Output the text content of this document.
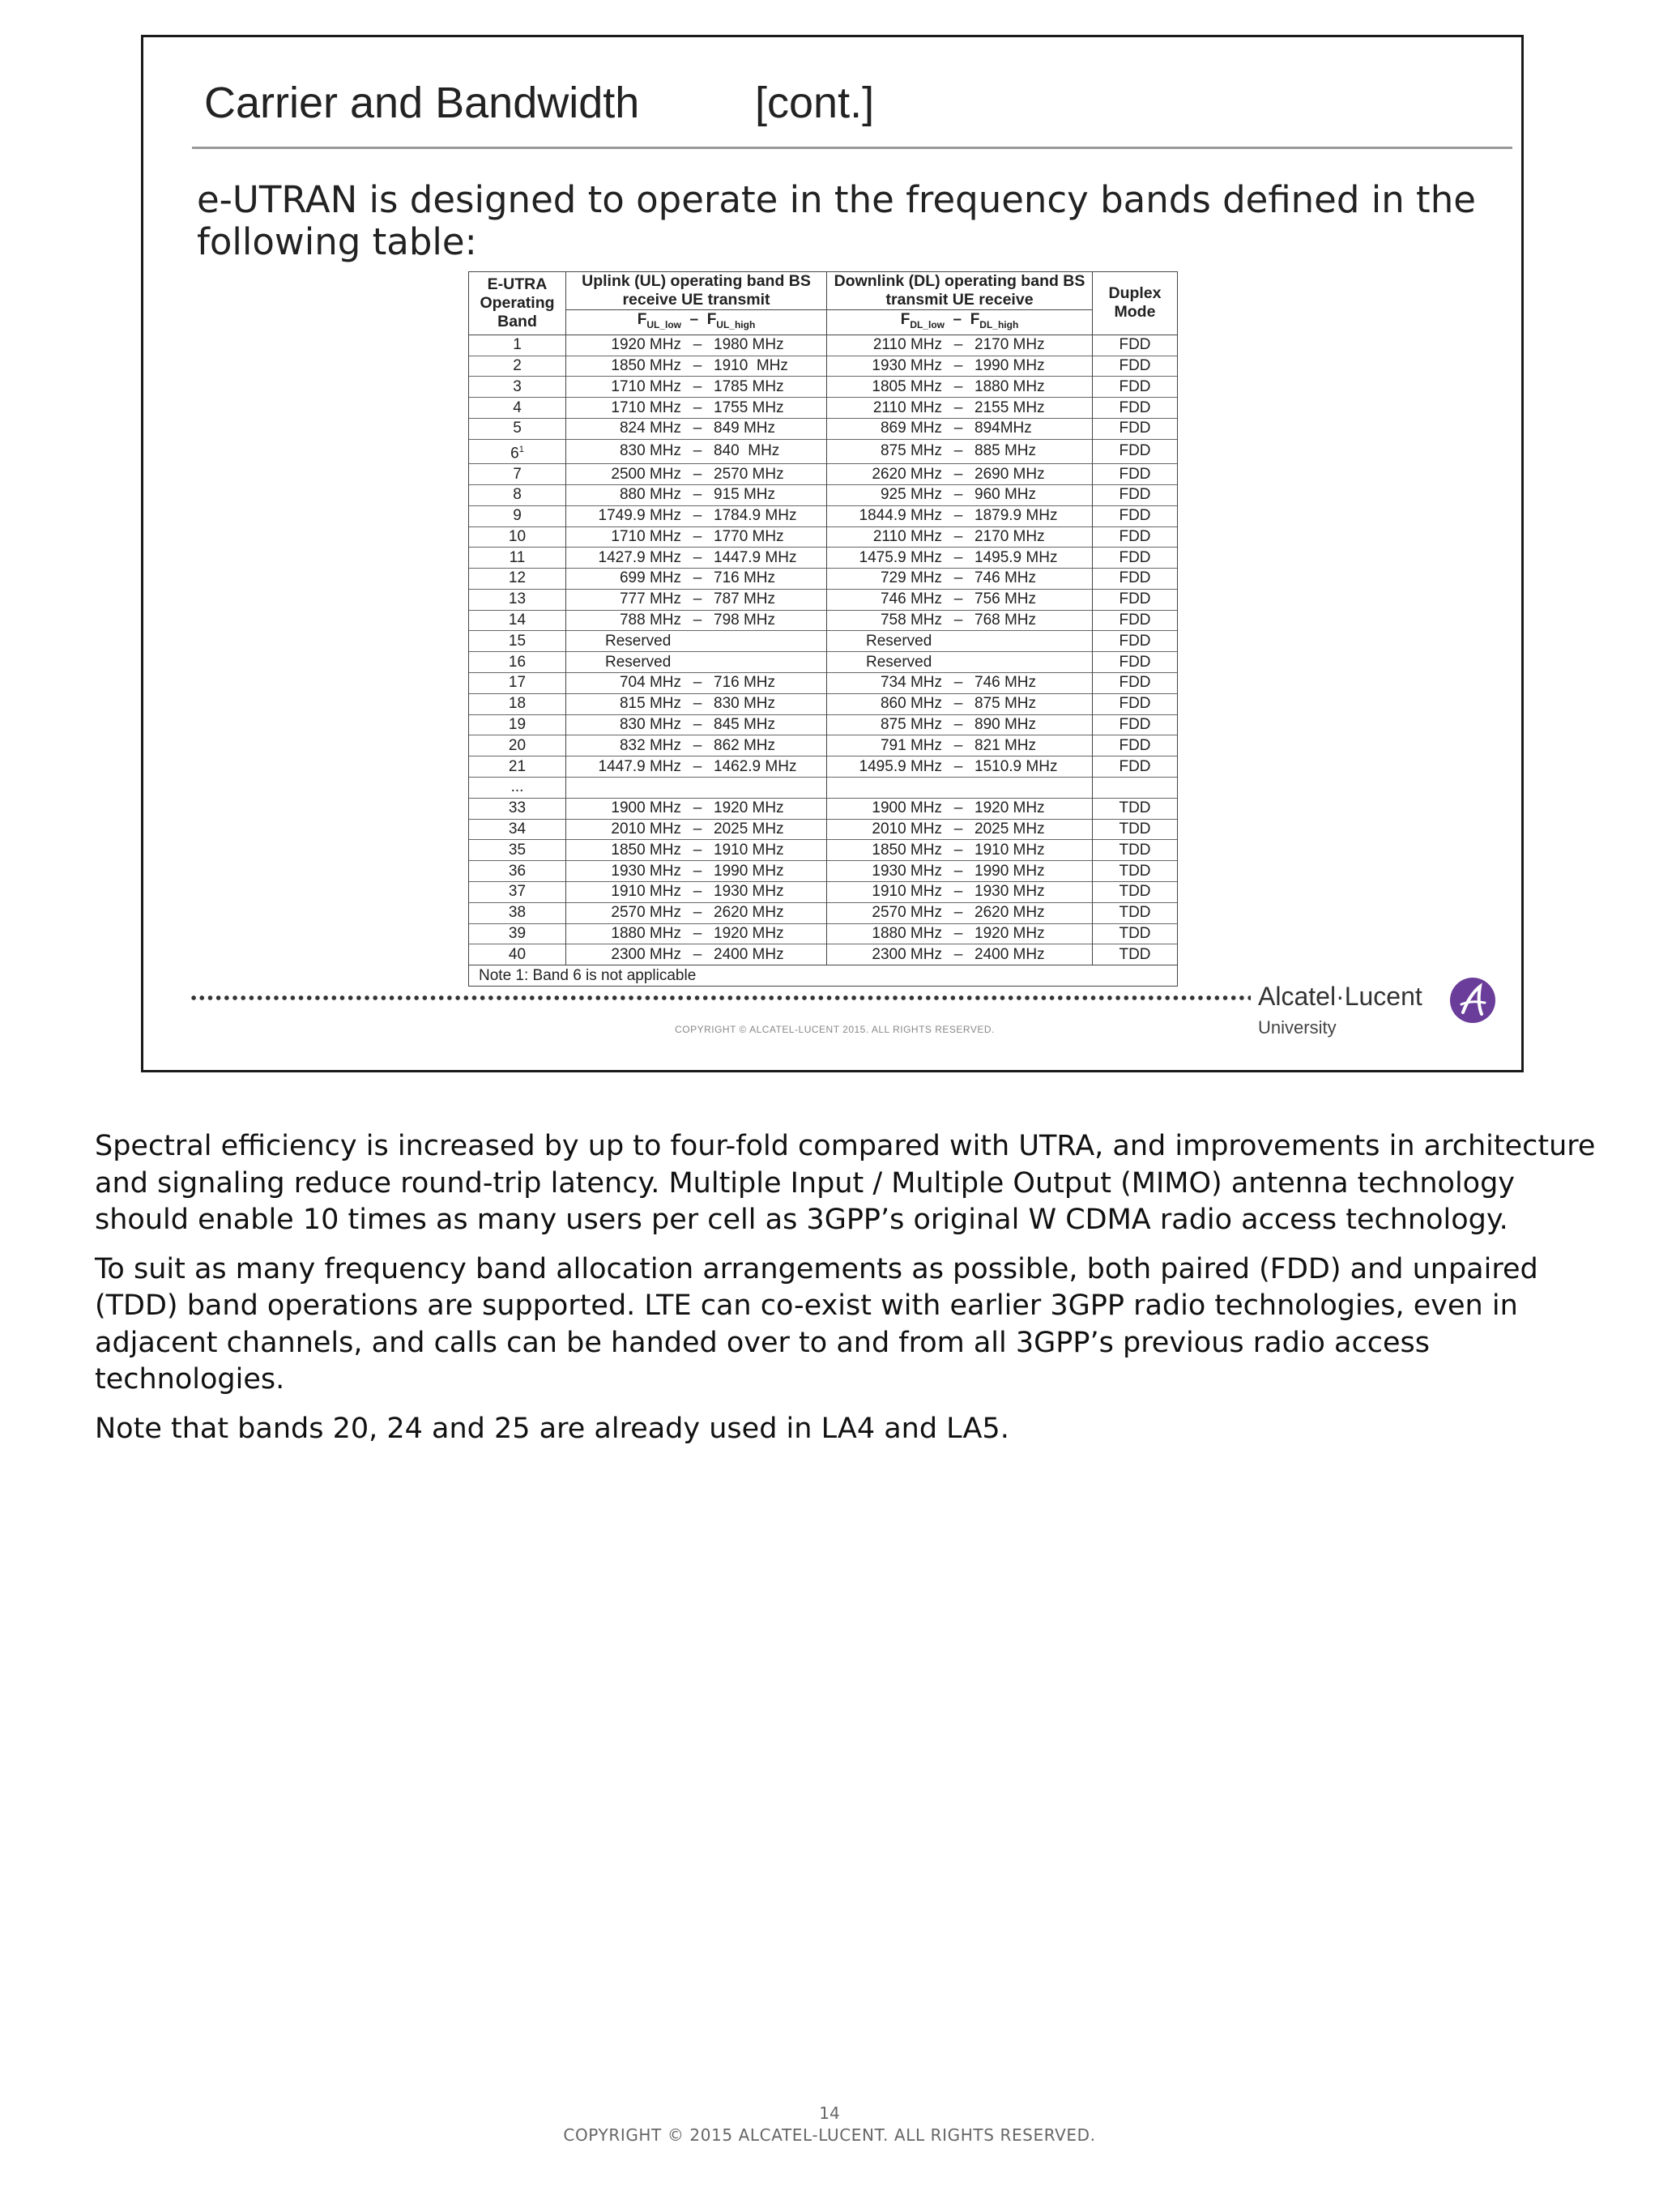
Carrier and Bandwidth	[cont.]

e-UTRAN is designed to operate in the frequency bands defined in the following table:

E-UTRA Operating Band	Uplink (UL) operating band BS receive UE transmit	Downlink (DL) operating band BS transmit UE receive	Duplex Mode
	$F_{UL\_low} - F_{UL\_high}$	$F_{DL\_low} - F_{DL\_high}$
1	1920 MHz – 1980 MHz	2110 MHz – 2170 MHz	FDD
2	1850 MHz – 1910  MHz	1930 MHz – 1990 MHz	FDD
3	1710 MHz – 1785 MHz	1805 MHz – 1880 MHz	FDD
4	1710 MHz – 1755 MHz	2110 MHz – 2155 MHz	FDD
5	824 MHz – 849 MHz	869 MHz – 894MHz	FDD
$6^1$	830 MHz – 840  MHz	875 MHz – 885 MHz	FDD
7	2500 MHz – 2570 MHz	2620 MHz – 2690 MHz	FDD
8	880 MHz – 915 MHz	925 MHz – 960 MHz	FDD
9	1749.9 MHz – 1784.9 MHz	1844.9 MHz – 1879.9 MHz	FDD
10	1710 MHz – 1770 MHz	2110 MHz – 2170 MHz	FDD
11	1427.9 MHz – 1447.9 MHz	1475.9 MHz – 1495.9 MHz	FDD
12	699 MHz – 716 MHz	729 MHz – 746 MHz	FDD
13	777 MHz – 787 MHz	746 MHz – 756 MHz	FDD
14	788 MHz – 798 MHz	758 MHz – 768 MHz	FDD
15	Reserved	Reserved	FDD
16	Reserved	Reserved	FDD
17	704 MHz – 716 MHz	734 MHz – 746 MHz	FDD
18	815 MHz – 830 MHz	860 MHz – 875 MHz	FDD
19	830 MHz – 845 MHz	875 MHz – 890 MHz	FDD
20	832 MHz – 862 MHz	791 MHz – 821 MHz	FDD
21	1447.9 MHz – 1462.9 MHz	1495.9 MHz – 1510.9 MHz	FDD
...			
33	1900 MHz – 1920 MHz	1900 MHz – 1920 MHz	TDD
34	2010 MHz – 2025 MHz	2010 MHz – 2025 MHz	TDD
35	1850 MHz – 1910 MHz	1850 MHz – 1910 MHz	TDD
36	1930 MHz – 1990 MHz	1930 MHz – 1990 MHz	TDD
37	1910 MHz – 1930 MHz	1910 MHz – 1930 MHz	TDD
38	2570 MHz – 2620 MHz	2570 MHz – 2620 MHz	TDD
39	1880 MHz – 1920 MHz	1880 MHz – 1920 MHz	TDD
40	2300 MHz – 2400 MHz	2300 MHz – 2400 MHz	TDD
Note 1: Band 6 is not applicable			
Alcatel·Lucent
University
COPYRIGHT © ALCATEL-LUCENT 2015. ALL RIGHTS RESERVED.

Spectral efficiency is increased by up to four-fold compared with UTRA, and improvements in architecture and signaling reduce round-trip latency. Multiple Input / Multiple Output (MIMO) antenna technology should enable 10 times as many users per cell as 3GPP’s original W CDMA radio access technology.

To suit as many frequency band allocation arrangements as possible, both paired (FDD) and unpaired (TDD) band operations are supported. LTE can co-exist with earlier 3GPP radio technologies, even in adjacent channels, and calls can be handed over to and from all 3GPP’s previous radio access technologies.

Note that bands 20, 24 and 25 are already used in LA4 and LA5.

14
COPYRIGHT © 2015 ALCATEL-LUCENT. ALL RIGHTS RESERVED.
